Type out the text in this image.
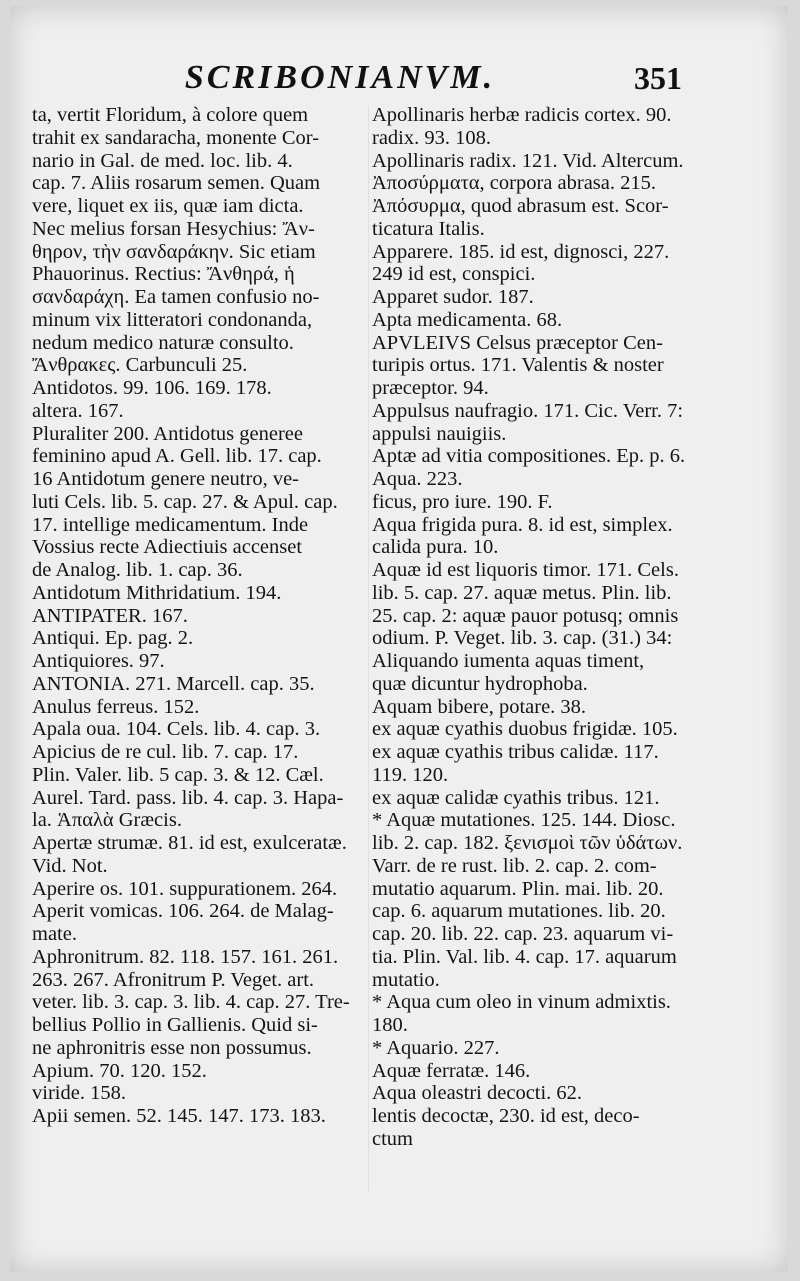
SCRIBONIANVM.	351
ta, vertit Floridum, à colore quem
trahit ex sandaracha, monente Cor-
nario in Gal. de med. loc. lib. 4.
cap. 7. Aliis rosarum semen. Quam
vere, liquet ex iis, quæ iam dicta.
Nec melius forsan Hesychius: Ἄν-
θηρον, τὴν σανδαράκην. Sic etiam
Phauorinus. Rectius: Ἄνθηρά, ἡ
σανδαράχη. Ea tamen confusio no-
minum vix litteratori condonanda,
nedum medico naturæ consulto.
Ἄνθρακες. Carbunculi 25.
Antidotos. 99. 106. 169. 178.
altera. 167.
Pluraliter 200. Antidotus generee
feminino apud A. Gell. lib. 17. cap.
16 Antidotum genere neutro, ve-
luti Cels. lib. 5. cap. 27. & Apul. cap.
17. intellige medicamentum. Inde
Vossius recte Adiectiuis accenset
de Analog. lib. 1. cap. 36.
Antidotum Mithridatium. 194.
ANTIPATER. 167.
Antiqui. Ep. pag. 2.
Antiquiores. 97.
ANTONIA. 271. Marcell. cap. 35.
Anulus ferreus. 152.
Apala oua. 104. Cels. lib. 4. cap. 3.
Apicius de re cul. lib. 7. cap. 17.
Plin. Valer. lib. 5 cap. 3. & 12. Cæl.
Aurel. Tard. pass. lib. 4. cap. 3. Hapa-
la. Ἁπαλὰ Græcis.
Apertæ strumæ. 81. id est, exulceratæ.
Vid. Not.
Aperire os. 101. suppurationem. 264.
Aperit vomicas. 106. 264. de Malag-
mate.
Aphronitrum. 82. 118. 157. 161. 261.
263. 267. Afronitrum P. Veget. art.
veter. lib. 3. cap. 3. lib. 4. cap. 27. Tre-
bellius Pollio in Gallienis. Quid si-
ne aphronitris esse non possumus.
Apium. 70. 120. 152.
viride. 158.
Apii semen. 52. 145. 147. 173. 183.
Apollinaris herbæ radicis cortex. 90.
radix. 93. 108.
Apollinaris radix. 121. Vid. Altercum.
Ἀποσύρματα, corpora abrasa. 215.
Ἀπόσυρμα, quod abrasum est. Scor-
ticatura Italis.
Apparere. 185. id est, dignosci, 227.
249 id est, conspici.
Apparet sudor. 187.
Apta medicamenta. 68.
APVLEIVS Celsus præceptor Cen-
turipis ortus. 171. Valentis & noster
præceptor. 94.
Appulsus naufragio. 171. Cic. Verr. 7:
appulsi nauigiis.
Aptæ ad vitia compositiones. Ep. p. 6.
Aqua. 223.
ficus, pro iure. 190. F.
Aqua frigida pura. 8. id est, simplex.
calida pura. 10.
Aquæ id est liquoris timor. 171. Cels.
lib. 5. cap. 27. aquæ metus. Plin. lib.
25. cap. 2: aquæ pauor potusq; omnis
odium. P. Veget. lib. 3. cap. (31.) 34:
Aliquando iumenta aquas timent,
quæ dicuntur hydrophoba.
Aquam bibere, potare. 38.
ex aquæ cyathis duobus frigidæ. 105.
ex aquæ cyathis tribus calidæ. 117.
119. 120.
ex aquæ calidæ cyathis tribus. 121.
* Aquæ mutationes. 125. 144. Diosc.
lib. 2. cap. 182. ξενισμοὶ τῶν ὑδάτων.
Varr. de re rust. lib. 2. cap. 2. com-
mutatio aquarum. Plin. mai. lib. 20.
cap. 6. aquarum mutationes. lib. 20.
cap. 20. lib. 22. cap. 23. aquarum vi-
tia. Plin. Val. lib. 4. cap. 17. aquarum
mutatio.
* Aqua cum oleo in vinum admixtis.
180.
* Aquario. 227.
Aquæ ferratæ. 146.
Aqua oleastri decocti. 62.
lentis decoctæ, 230. id est, deco-
ctum
